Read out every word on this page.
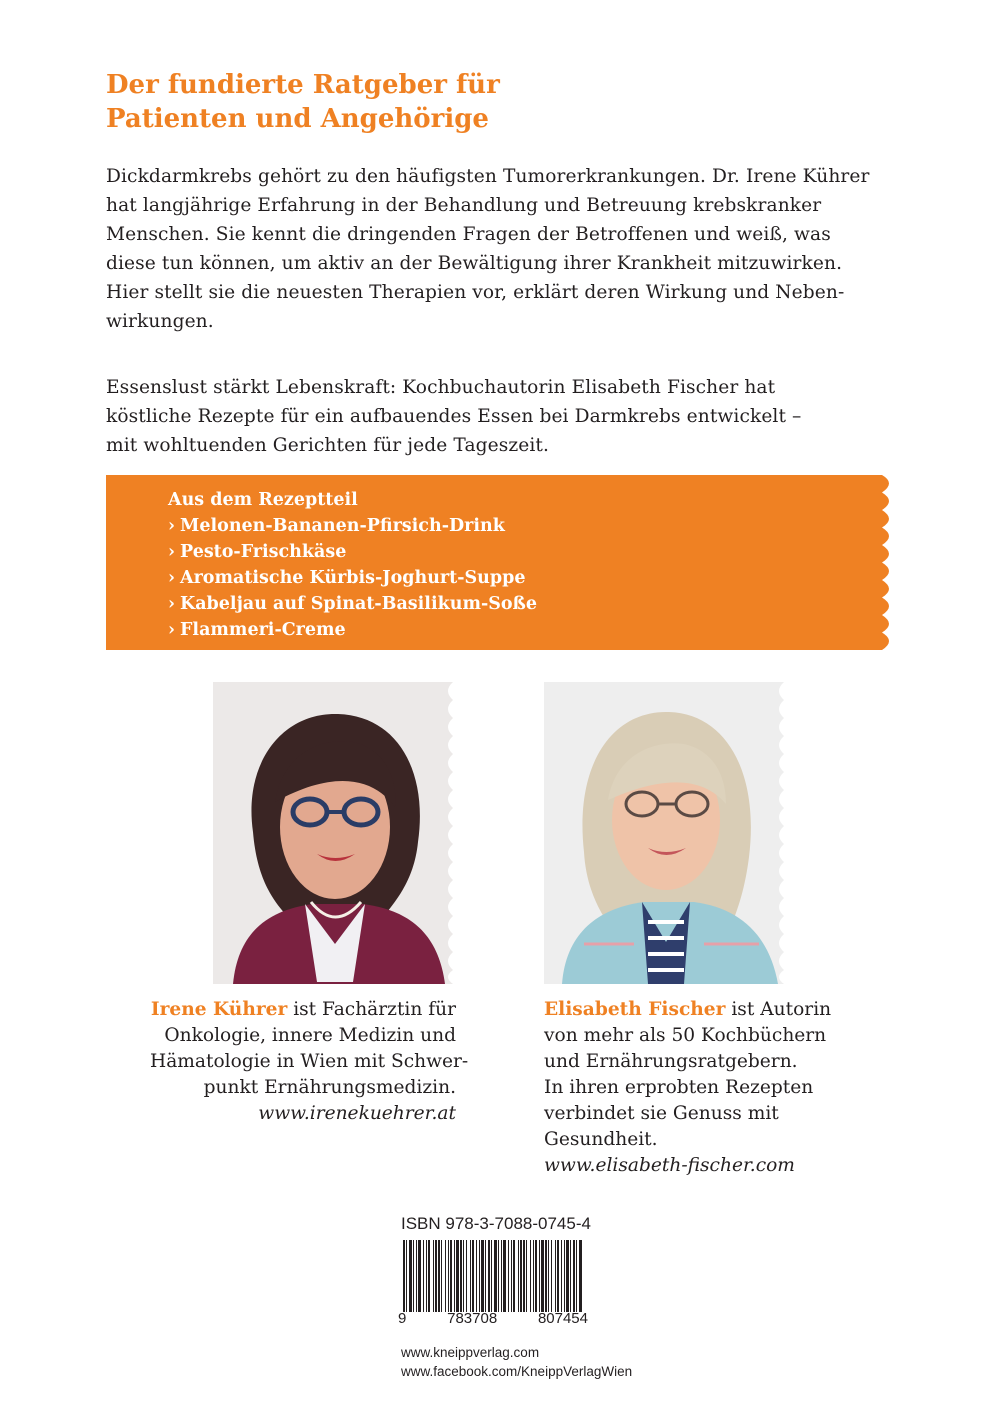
Der fundierte Ratgeber für
Patienten und Angehörige

Dickdarmkrebs gehört zu den häufigsten Tumorerkrankungen. Dr. Irene Kührer
hat langjährige Erfahrung in der Behandlung und Betreuung krebskranker
Menschen. Sie kennt die dringenden Fragen der Betroffenen und weiß, was
diese tun können, um aktiv an der Bewältigung ihrer Krankheit mitzuwirken.
Hier stellt sie die neuesten Therapien vor, erklärt deren Wirkung und Neben-
wirkungen.

Essenslust stärkt Lebenskraft: Kochbuchautorin Elisabeth Fischer hat
köstliche Rezepte für ein aufbauendes Essen bei Darmkrebs entwickelt –
mit wohltuenden Gerichten für jede Tageszeit.

Aus dem Rezeptteil
› Melonen-Bananen-Pfirsich-Drink
› Pesto-Frischkäse
› Aromatische Kürbis-Joghurt-Suppe
› Kabeljau auf Spinat-Basilikum-Soße
› Flammeri-Creme

Irene Kührer ist Fachärztin für
Onkologie, innere Medizin und
Hämatologie in Wien mit Schwer-
punkt Ernährungsmedizin.
www.irenekuehrer.at

Elisabeth Fischer ist Autorin
von mehr als 50 Kochbüchern
und Ernährungsratgebern.
In ihren erprobten Rezepten
verbindet sie Genuss mit
Gesundheit.
www.elisabeth-fischer.com

ISBN 978-3-7088-0745-4
9	783708	807454
www.kneippverlag.com
www.facebook.com/KneippVerlagWien
